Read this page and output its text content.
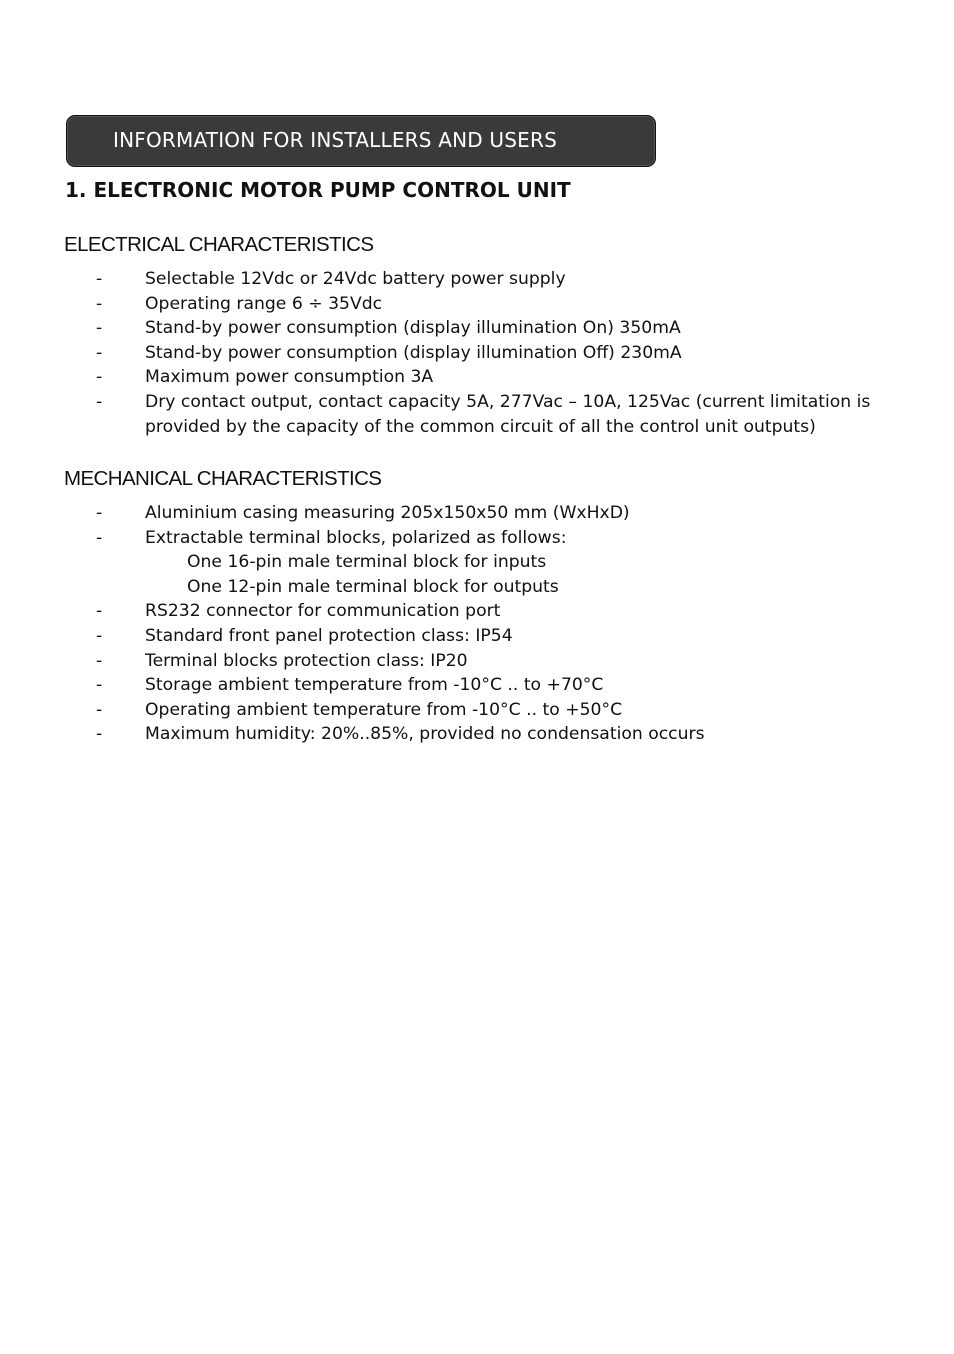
INFORMATION FOR INSTALLERS AND USERS
1. ELECTRONIC MOTOR PUMP CONTROL UNIT
ELECTRICAL CHARACTERISTICS
- Selectable 12Vdc or 24Vdc battery power supply
- Operating range 6 ÷ 35Vdc
- Stand-by power consumption (display illumination On) 350mA
- Stand-by power consumption (display illumination Off) 230mA
- Maximum power consumption 3A
- Dry contact output, contact capacity 5A, 277Vac – 10A, 125Vac (current limitation is provided by the capacity of the common circuit of all the control unit outputs)
MECHANICAL CHARACTERISTICS
- Aluminium casing measuring 205x150x50 mm (WxHxD)
- Extractable terminal blocks, polarized as follows:
One 16-pin male terminal block for inputs
One 12-pin male terminal block for outputs
- RS232 connector for communication port
- Standard front panel protection class: IP54
- Terminal blocks protection class: IP20
- Storage ambient temperature from -10°C .. to +70°C
- Operating ambient temperature from -10°C .. to +50°C
- Maximum humidity: 20%..85%, provided no condensation occurs
